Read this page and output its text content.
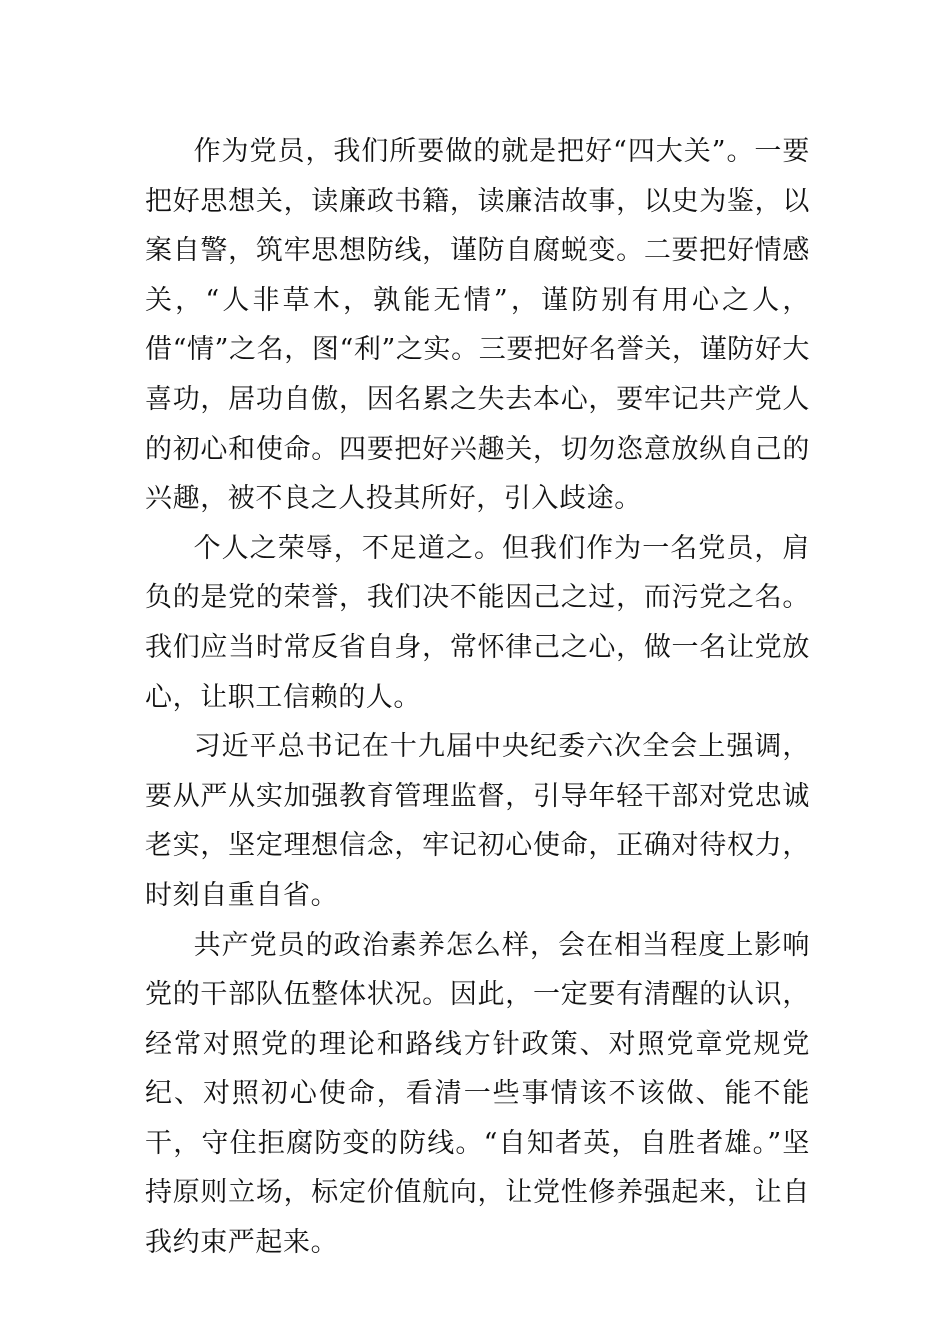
作为党员，我们所要做的就是把好“四大关”。一要把好思想关，读廉政书籍，读廉洁故事，以史为鉴，以案自警，筑牢思想防线，谨防自腐蜕变。二要把好情感关，“人非草木，孰能无情”，谨防别有用心之人，借“情”之名，图“利”之实。三要把好名誉关，谨防好大喜功，居功自傲，因名累之失去本心，要牢记共产党人的初心和使命。四要把好兴趣关，切勿恣意放纵自己的兴趣，被不良之人投其所好，引入歧途。

个人之荣辱，不足道之。但我们作为一名党员，肩负的是党的荣誉，我们决不能因己之过，而污党之名。我们应当时常反省自身，常怀律己之心，做一名让党放心，让职工信赖的人。

习近平总书记在十九届中央纪委六次全会上强调，要从严从实加强教育管理监督，引导年轻干部对党忠诚老实，坚定理想信念，牢记初心使命，正确对待权力，时刻自重自省。

共产党员的政治素养怎么样，会在相当程度上影响党的干部队伍整体状况。因此，一定要有清醒的认识，经常对照党的理论和路线方针政策、对照党章党规党纪、对照初心使命，看清一些事情该不该做、能不能干，守住拒腐防变的防线。“自知者英，自胜者雄。”坚持原则立场，标定价值航向，让党性修养强起来，让自我约束严起来。
